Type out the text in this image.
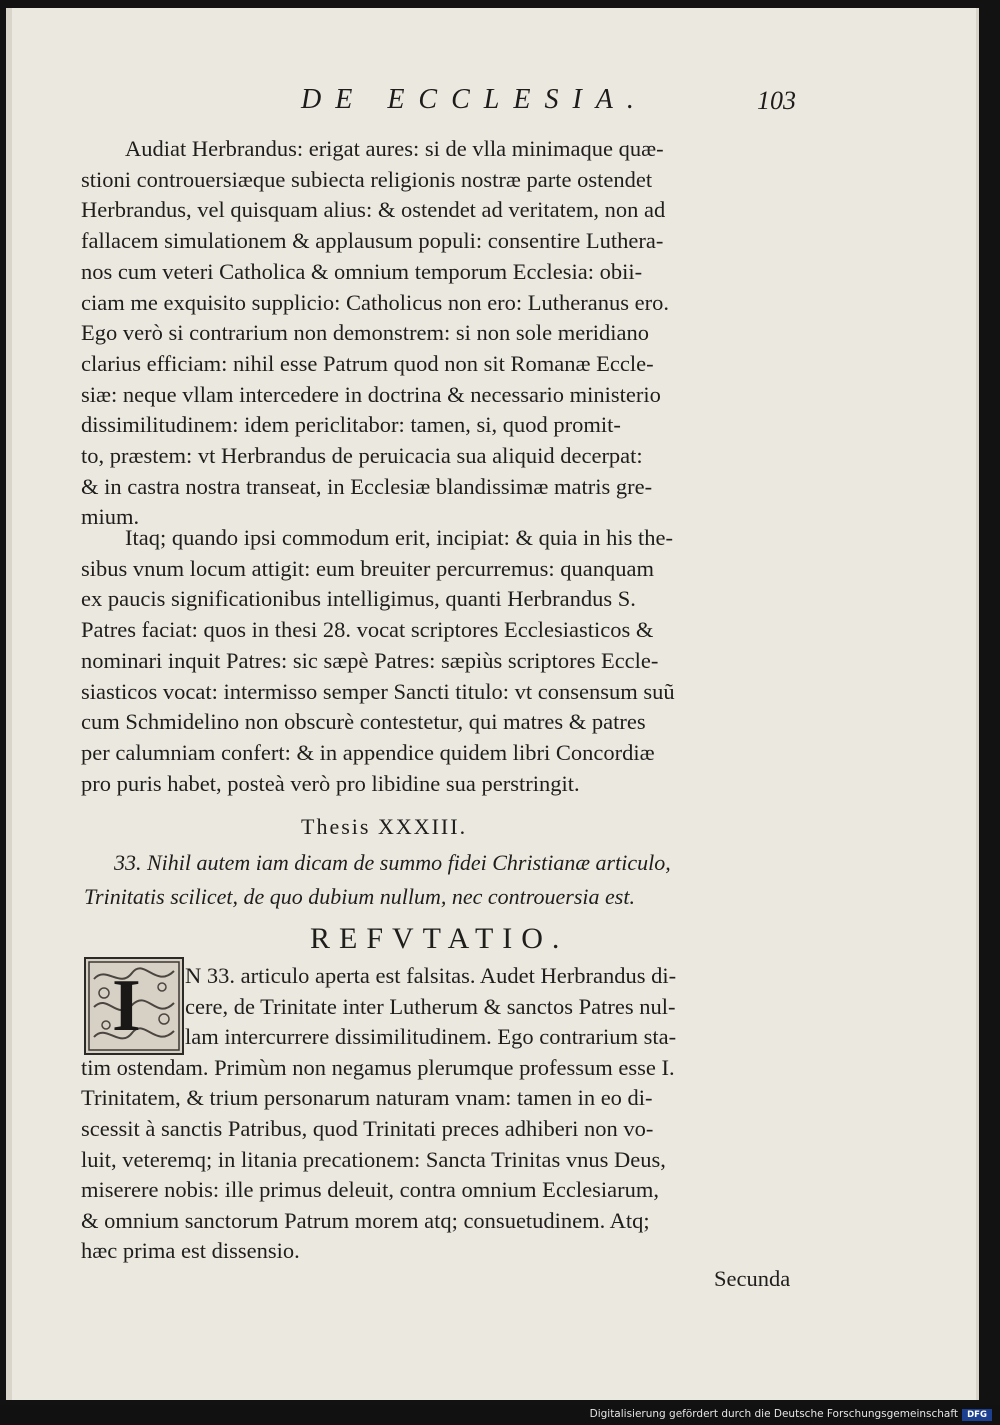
DE ECCLESIA.	103
Audiat Herbrandus: erigat aures: si de vlla minimaque quæ-
stioni controuersiæque subiecta religionis nostræ parte ostendet
Herbrandus, vel quisquam alius: & ostendet ad veritatem, non ad
fallacem simulationem & applausum populi: consentire Luthera-
nos cum veteri Catholica & omnium temporum Ecclesia: obii-
ciam me exquisito supplicio: Catholicus non ero: Lutheranus ero.
Ego verò si contrarium non demonstrem: si non sole meridiano
clarius efficiam: nihil esse Patrum quod non sit Romanæ Eccle-
siæ: neque vllam intercedere in doctrina & necessario ministerio
dissimilitudinem: idem periclitabor: tamen, si, quod promit-
to, præstem: vt Herbrandus de peruicacia sua aliquid decerpat:
& in castra nostra transeat, in Ecclesiæ blandissimæ matris gre-
mium.
Itaq; quando ipsi commodum erit, incipiat: & quia in his the-
sibus vnum locum attigit: eum breuiter percurremus: quanquam
ex paucis significationibus intelligimus, quanti Herbrandus S.
Patres faciat: quos in thesi 28. vocat scriptores Ecclesiasticos &
nominari inquit Patres: sic sæpè Patres: sæpiùs scriptores Eccle-
siasticos vocat: intermisso semper Sancti titulo: vt consensum suũ
cum Schmidelino non obscurè contestetur, qui matres & patres
per calumniam confert: & in appendice quidem libri Concordiæ
pro puris habet, posteà verò pro libidine sua perstringit.
Thesis XXXIII.
33. Nihil autem iam dicam de summo fidei Christianæ articulo,
Trinitatis scilicet, de quo dubium nullum, nec controuersia est.
REFVTATIO.
I	N 33. articulo aperta est falsitas. Audet Herbrandus di-
cere, de Trinitate inter Lutherum & sanctos Patres nul-
lam intercurrere dissimilitudinem. Ego contrarium sta-
tim ostendam. Primùm non negamus plerumque professum esse I.
Trinitatem, & trium personarum naturam vnam: tamen in eo di-
scessit à sanctis Patribus, quod Trinitati preces adhiberi non vo-
luit, veteremq; in litania precationem: Sancta Trinitas vnus Deus,
miserere nobis: ille primus deleuit, contra omnium Ecclesiarum,
& omnium sanctorum Patrum morem atq; consuetudinem. Atq;
hæc prima est dissensio.
Secunda
Digitalisierung gefördert durch die Deutsche Forschungsgemeinschaft	DFG
